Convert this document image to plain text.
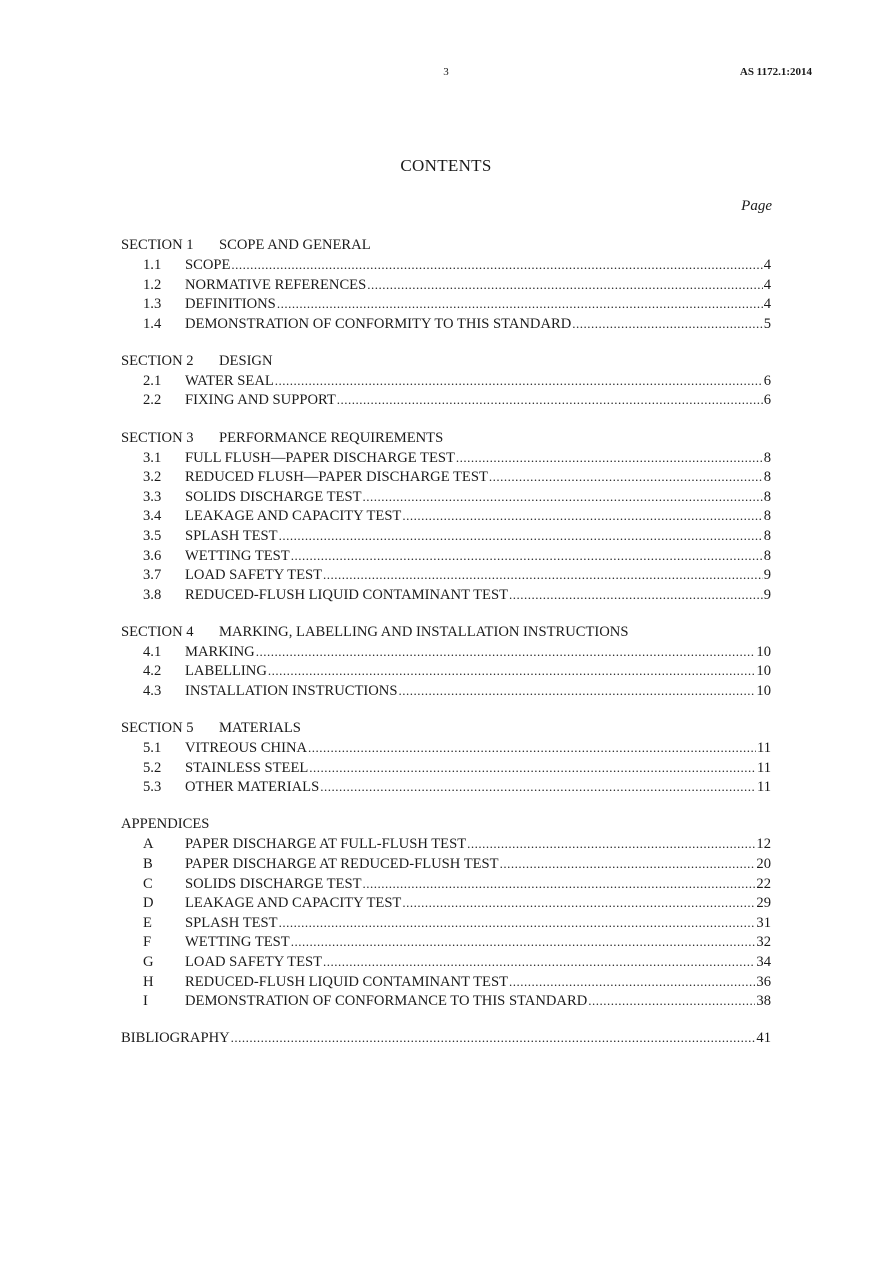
3	AS 1172.1:2014
CONTENTS
Page
SECTION 1 SCOPE AND GENERAL
1.1	SCOPE .....	4
1.2	NORMATIVE REFERENCES .....	4
1.3	DEFINITIONS .....	4
1.4	DEMONSTRATION OF CONFORMITY TO THIS STANDARD .....	5
SECTION 2 DESIGN
2.1	WATER SEAL .....	6
2.2	FIXING AND SUPPORT .....	6
SECTION 3 PERFORMANCE REQUIREMENTS
3.1	FULL FLUSH—PAPER DISCHARGE TEST .....	8
3.2	REDUCED FLUSH—PAPER DISCHARGE TEST .....	8
3.3	SOLIDS DISCHARGE TEST .....	8
3.4	LEAKAGE AND CAPACITY TEST .....	8
3.5	SPLASH TEST .....	8
3.6	WETTING TEST .....	8
3.7	LOAD SAFETY TEST .....	9
3.8	REDUCED-FLUSH LIQUID CONTAMINANT TEST .....	9
SECTION 4 MARKING, LABELLING AND INSTALLATION INSTRUCTIONS
4.1	MARKING .....	10
4.2	LABELLING .....	10
4.3	INSTALLATION INSTRUCTIONS .....	10
SECTION 5 MATERIALS
5.1	VITREOUS CHINA .....	11
5.2	STAINLESS STEEL .....	11
5.3	OTHER MATERIALS .....	11
APPENDICES
A	PAPER DISCHARGE AT FULL-FLUSH TEST .....	12
B	PAPER DISCHARGE AT REDUCED-FLUSH TEST .....	20
C	SOLIDS DISCHARGE TEST .....	22
D	LEAKAGE AND CAPACITY TEST .....	29
E	SPLASH TEST .....	31
F	WETTING TEST .....	32
G	LOAD SAFETY TEST .....	34
H	REDUCED-FLUSH LIQUID CONTAMINANT TEST .....	36
I	DEMONSTRATION OF CONFORMANCE TO THIS STANDARD .....	38
BIBLIOGRAPHY .....	41
